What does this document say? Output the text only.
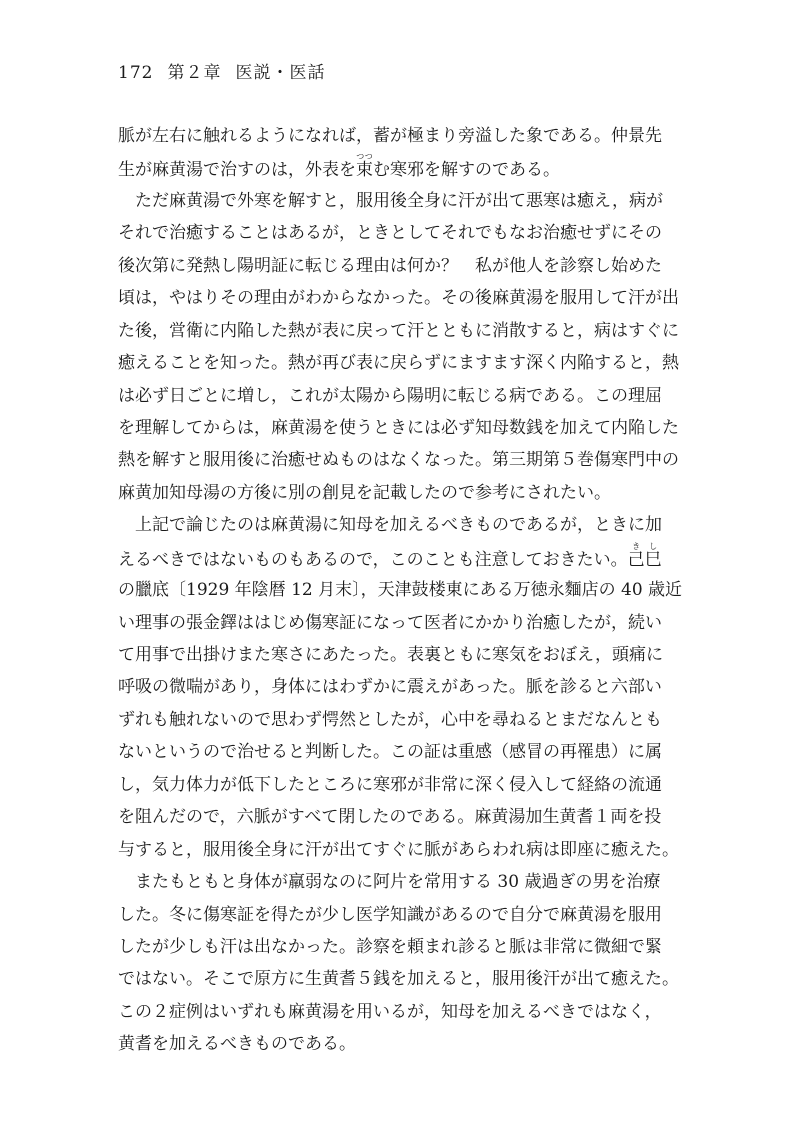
172 第２章 医説・医話
脈が左右に触れるようになれば，蓄が極まり旁溢した象である。仲景先
生が麻黄湯で治すのは，外表を束つつむ寒邪を解すのである。
ただ麻黄湯で外寒を解すと，服用後全身に汗が出て悪寒は癒え，病が
それで治癒することはあるが，ときとしてそれでもなお治癒せずにその
後次第に発熱し陽明証に転じる理由は何か？　私が他人を診察し始めた
頃は，やはりその理由がわからなかった。その後麻黄湯を服用して汗が出
た後，営衛に内陥した熱が表に戻って汗とともに消散すると，病はすぐに
癒えることを知った。熱が再び表に戻らずにますます深く内陥すると，熱
は必ず日ごとに増し，これが太陽から陽明に転じる病である。この理屈
を理解してからは，麻黄湯を使うときには必ず知母数銭を加えて内陥した
熱を解すと服用後に治癒せぬものはなくなった。第三期第５巻傷寒門中の
麻黄加知母湯の方後に別の創見を記載したので参考にされたい。
上記で論じたのは麻黄湯に知母を加えるべきものであるが，ときに加
えるべきではないものもあるので，このことも注意しておきたい。己き巳し
の臘底〔1929 年陰暦 12 月末〕，天津鼓楼東にある万徳永麵店の 40 歳近
い理事の張金鐸ははじめ傷寒証になって医者にかかり治癒したが，続い
て用事で出掛けまた寒さにあたった。表裏ともに寒気をおぼえ，頭痛に
呼吸の微喘があり，身体にはわずかに震えがあった。脈を診ると六部い
ずれも触れないので思わず愕然としたが，心中を尋ねるとまだなんとも
ないというので治せると判断した。この証は重感（感冒の再罹患）に属
し，気力体力が低下したところに寒邪が非常に深く侵入して経絡の流通
を阻んだので，六脈がすべて閉したのである。麻黄湯加生黄耆１両を投
与すると，服用後全身に汗が出てすぐに脈があらわれ病は即座に癒えた。
またもともと身体が羸弱なのに阿片を常用する 30 歳過ぎの男を治療
した。冬に傷寒証を得たが少し医学知識があるので自分で麻黄湯を服用
したが少しも汗は出なかった。診察を頼まれ診ると脈は非常に微細で緊
ではない。そこで原方に生黄耆５銭を加えると，服用後汗が出て癒えた。
この２症例はいずれも麻黄湯を用いるが，知母を加えるべきではなく，
黄耆を加えるべきものである。
